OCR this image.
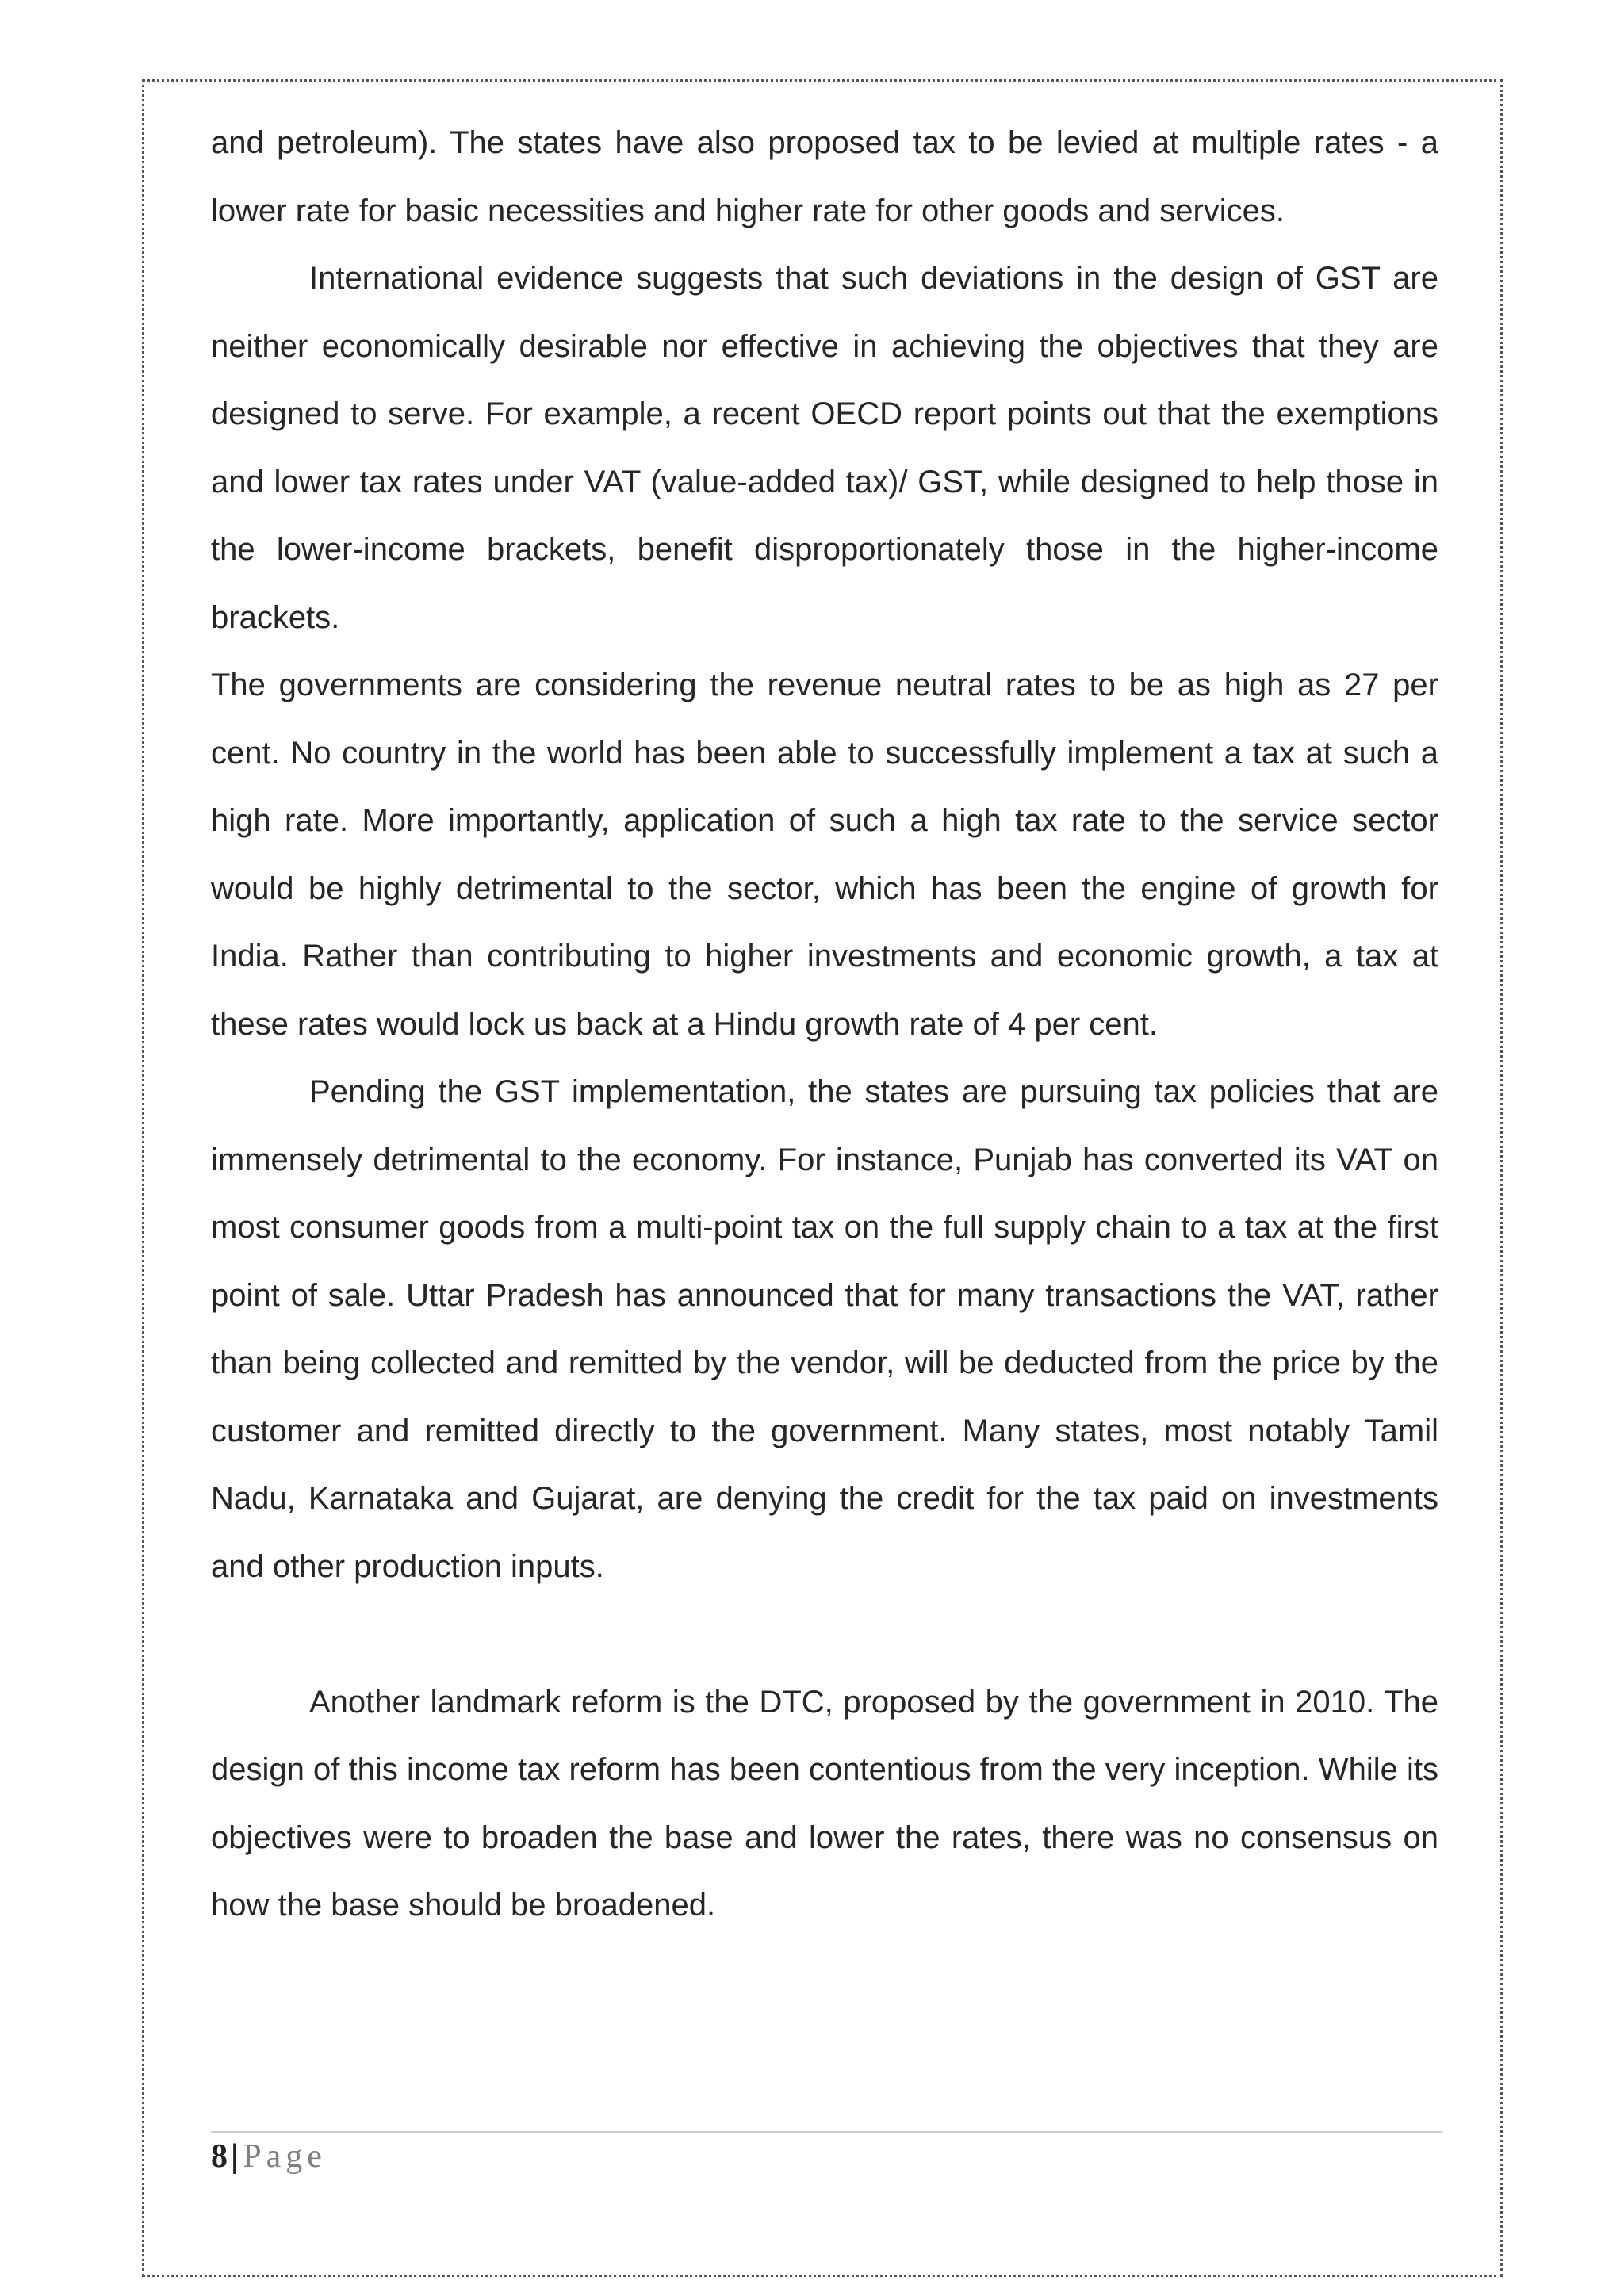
and petroleum). The states have also proposed tax to be levied at multiple rates - a lower rate for basic necessities and higher rate for other goods and services.

International evidence suggests that such deviations in the design of GST are neither economically desirable nor effective in achieving the objectives that they are designed to serve. For example, a recent OECD report points out that the exemptions and lower tax rates under VAT (value-added tax)/ GST, while designed to help those in the lower-income brackets, benefit disproportionately those in the higher-income brackets.

The governments are considering the revenue neutral rates to be as high as 27 per cent. No country in the world has been able to successfully implement a tax at such a high rate. More importantly, application of such a high tax rate to the service sector would be highly detrimental to the sector, which has been the engine of growth for India. Rather than contributing to higher investments and economic growth, a tax at these rates would lock us back at a Hindu growth rate of 4 per cent.

Pending the GST implementation, the states are pursuing tax policies that are immensely detrimental to the economy. For instance, Punjab has converted its VAT on most consumer goods from a multi-point tax on the full supply chain to a tax at the first point of sale. Uttar Pradesh has announced that for many transactions the VAT, rather than being collected and remitted by the vendor, will be deducted from the price by the customer and remitted directly to the government. Many states, most notably Tamil Nadu, Karnataka and Gujarat, are denying the credit for the tax paid on investments and other production inputs.

Another landmark reform is the DTC, proposed by the government in 2010. The design of this income tax reform has been contentious from the very inception. While its objectives were to broaden the base and lower the rates, there was no consensus on how the base should be broadened.

8| Page
